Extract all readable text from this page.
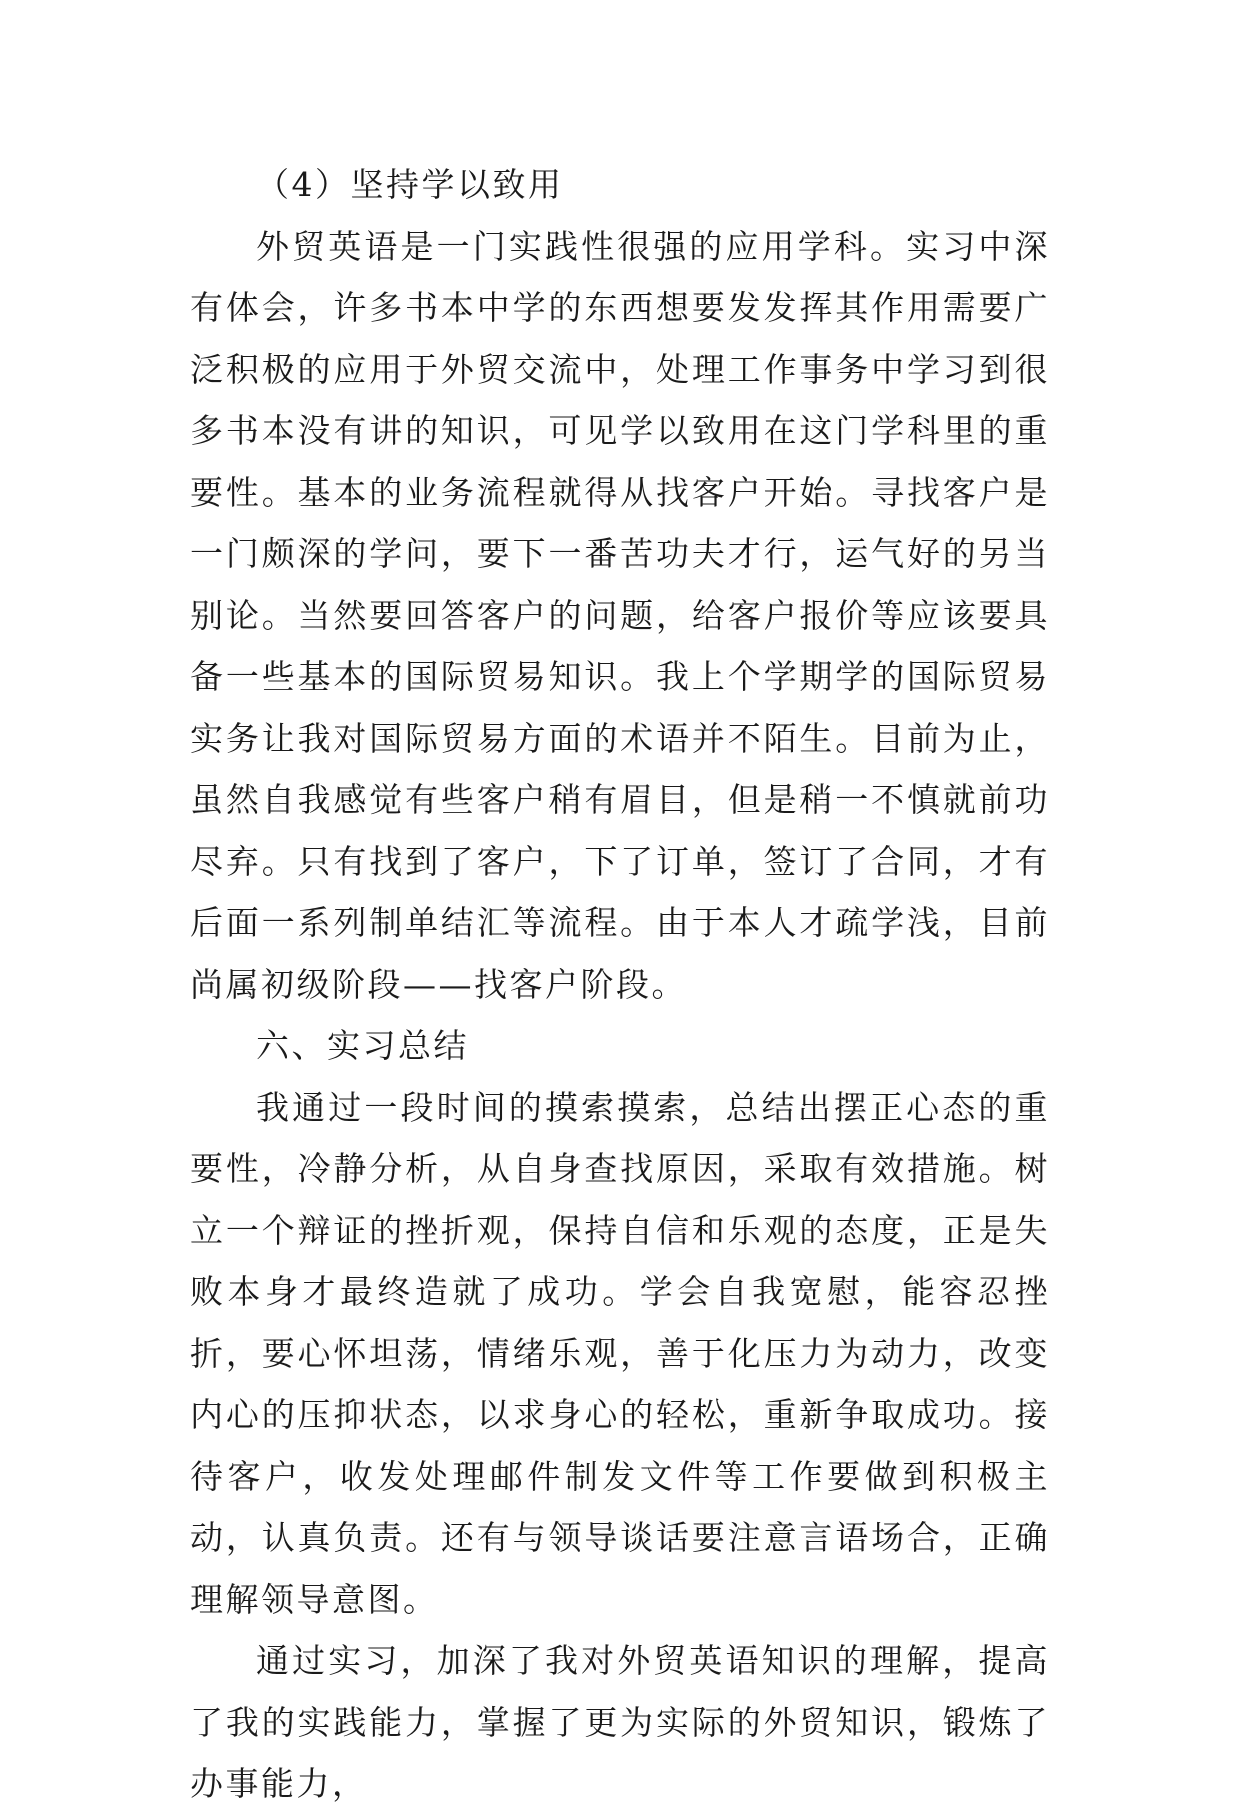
（4）坚持学以致用

外贸英语是一门实践性很强的应用学科。实习中深有体会，许多书本中学的东西想要发发挥其作用需要广泛积极的应用于外贸交流中，处理工作事务中学习到很多书本没有讲的知识，可见学以致用在这门学科里的重要性。基本的业务流程就得从找客户开始。寻找客户是一门颇深的学问，要下一番苦功夫才行，运气好的另当别论。当然要回答客户的问题，给客户报价等应该要具备一些基本的国际贸易知识。我上个学期学的国际贸易实务让我对国际贸易方面的术语并不陌生。目前为止，虽然自我感觉有些客户稍有眉目，但是稍一不慎就前功尽弃。只有找到了客户，下了订单，签订了合同，才有后面一系列制单结汇等流程。由于本人才疏学浅，目前尚属初级阶段——找客户阶段。

六、实习总结

我通过一段时间的摸索摸索，总结出摆正心态的重要性，冷静分析，从自身查找原因，采取有效措施。树立一个辩证的挫折观，保持自信和乐观的态度，正是失败本身才最终造就了成功。学会自我宽慰，能容忍挫折，要心怀坦荡，情绪乐观，善于化压力为动力，改变内心的压抑状态，以求身心的轻松，重新争取成功。接待客户，收发处理邮件制发文件等工作要做到积极主动，认真负责。还有与领导谈话要注意言语场合，正确理解领导意图。

通过实习，加深了我对外贸英语知识的理解，提高了我的实践能力，掌握了更为实际的外贸知识，锻炼了办事能力，
